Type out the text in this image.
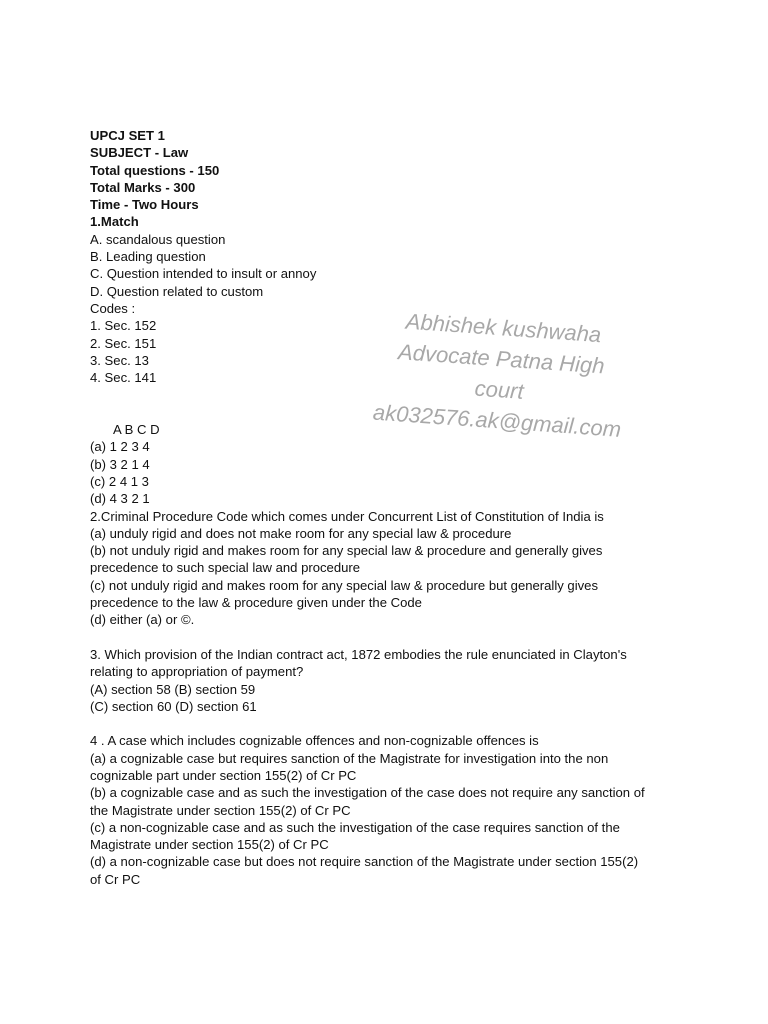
UPCJ SET 1
SUBJECT - Law
Total questions - 150
Total Marks - 300
Time - Two Hours
1.Match
A. scandalous question
B. Leading question
C. Question intended to insult or annoy
D. Question related to custom
Codes :
1. Sec. 152
2. Sec. 151
3. Sec. 13
4. Sec. 141
A B C D
(a) 1 2 3 4
(b) 3 2 1 4
(c) 2 4 1 3
(d) 4 3 2 1
2.Criminal Procedure Code which comes under Concurrent List of Constitution of India is
(a) unduly rigid and does not make room for any special law & procedure
(b) not unduly rigid and makes room for any special law & procedure and generally gives
precedence to such special law and procedure
(c) not unduly rigid and makes room for any special law & procedure but generally gives
precedence to the law & procedure given under the Code
(d) either (a) or ©.
3. Which provision of the Indian contract act, 1872 embodies the rule enunciated in Clayton's
relating to appropriation of payment?
(A) section 58 (B) section 59
(C) section 60 (D) section 61
4 . A case which includes cognizable offences and non-cognizable offences is
(a) a cognizable case but requires sanction of the Magistrate for investigation into the non
cognizable part under section 155(2) of Cr PC
(b) a cognizable case and as such the investigation of the case does not require any sanction of
the Magistrate under section 155(2) of Cr PC
(c) a non-cognizable case and as such the investigation of the case requires sanction of the
Magistrate under section 155(2) of Cr PC
(d) a non-cognizable case but does not require sanction of the Magistrate under section 155(2)
of Cr PC
Abhishek kushwaha
Advocate Patna High
court
ak032576.ak@gmail.com
